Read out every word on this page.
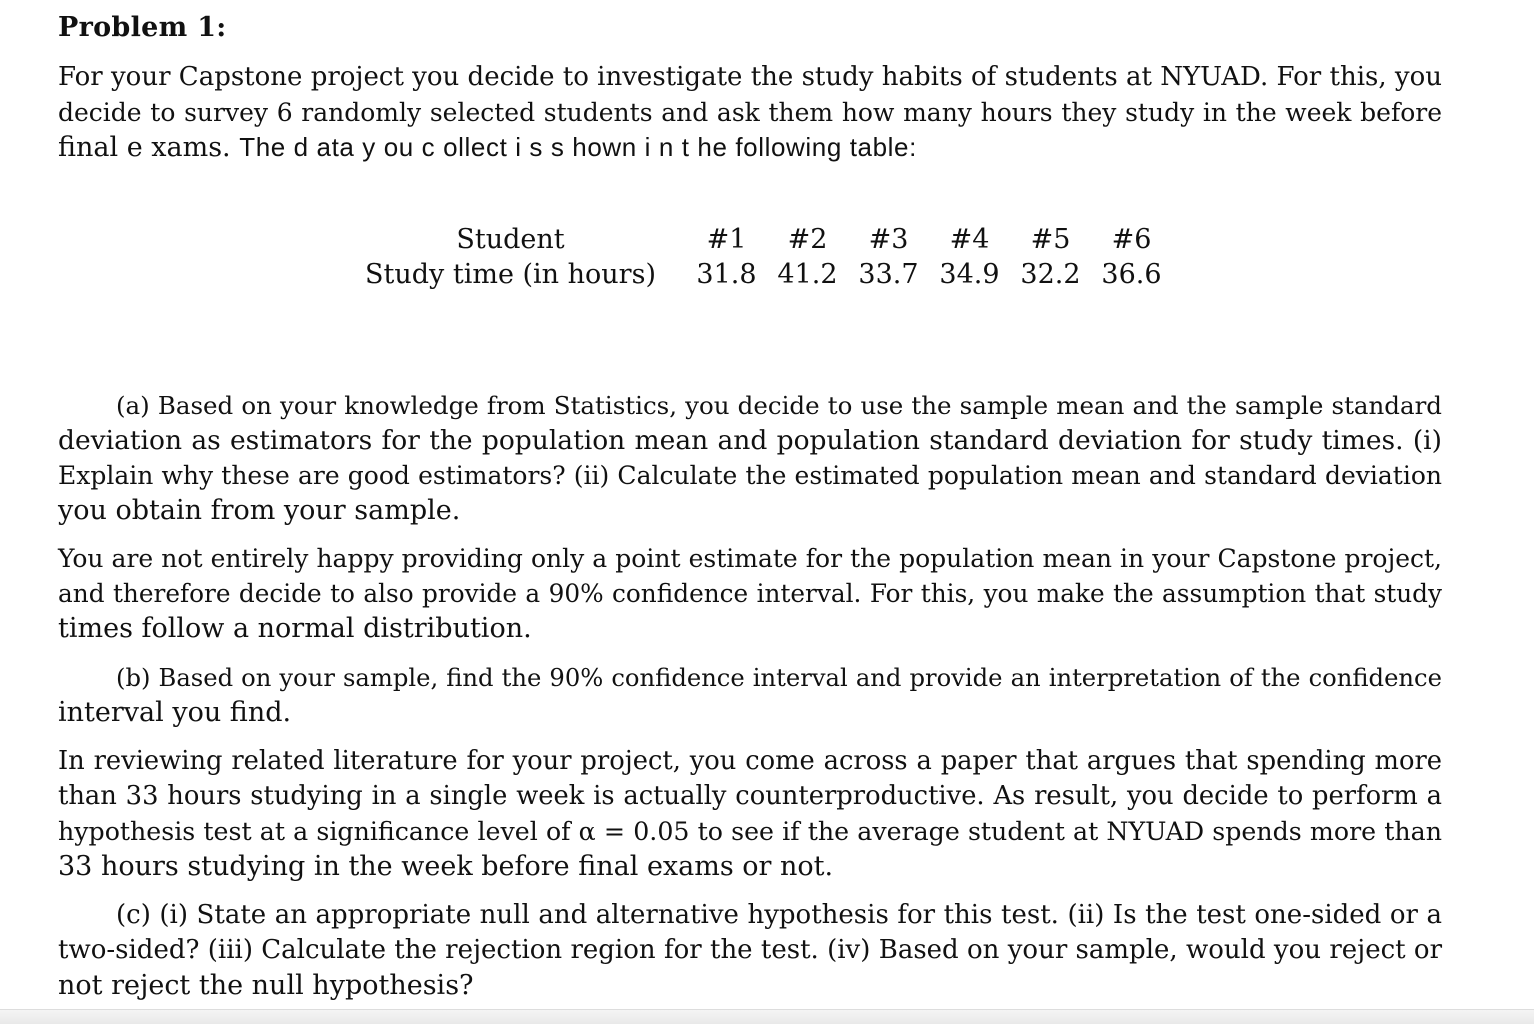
Problem 1:
For your Capstone project you decide to investigate the study habits of students at NYUAD. For this, you
decide to survey 6 randomly selected students and ask them how many hours they study in the week before
final e xams. The d ata y ou c ollect i s s hown i n t he following table:
Student	#1	#2	#3	#4	#5	#6
Study time (in hours)	31.8	41.2	33.7	34.9	32.2	36.6
(a) Based on your knowledge from Statistics, you decide to use the sample mean and the sample standard
deviation as estimators for the population mean and population standard deviation for study times. (i)
Explain why these are good estimators? (ii) Calculate the estimated population mean and standard deviation
you obtain from your sample.
You are not entirely happy providing only a point estimate for the population mean in your Capstone project,
and therefore decide to also provide a 90% confidence interval. For this, you make the assumption that study
times follow a normal distribution.
(b) Based on your sample, find the 90% confidence interval and provide an interpretation of the confidence
interval you find.
In reviewing related literature for your project, you come across a paper that argues that spending more
than 33 hours studying in a single week is actually counterproductive. As result, you decide to perform a
hypothesis test at a significance level of α = 0.05 to see if the average student at NYUAD spends more than
33 hours studying in the week before final exams or not.
(c) (i) State an appropriate null and alternative hypothesis for this test. (ii) Is the test one-sided or a
two-sided? (iii) Calculate the rejection region for the test. (iv) Based on your sample, would you reject or
not reject the null hypothesis?
